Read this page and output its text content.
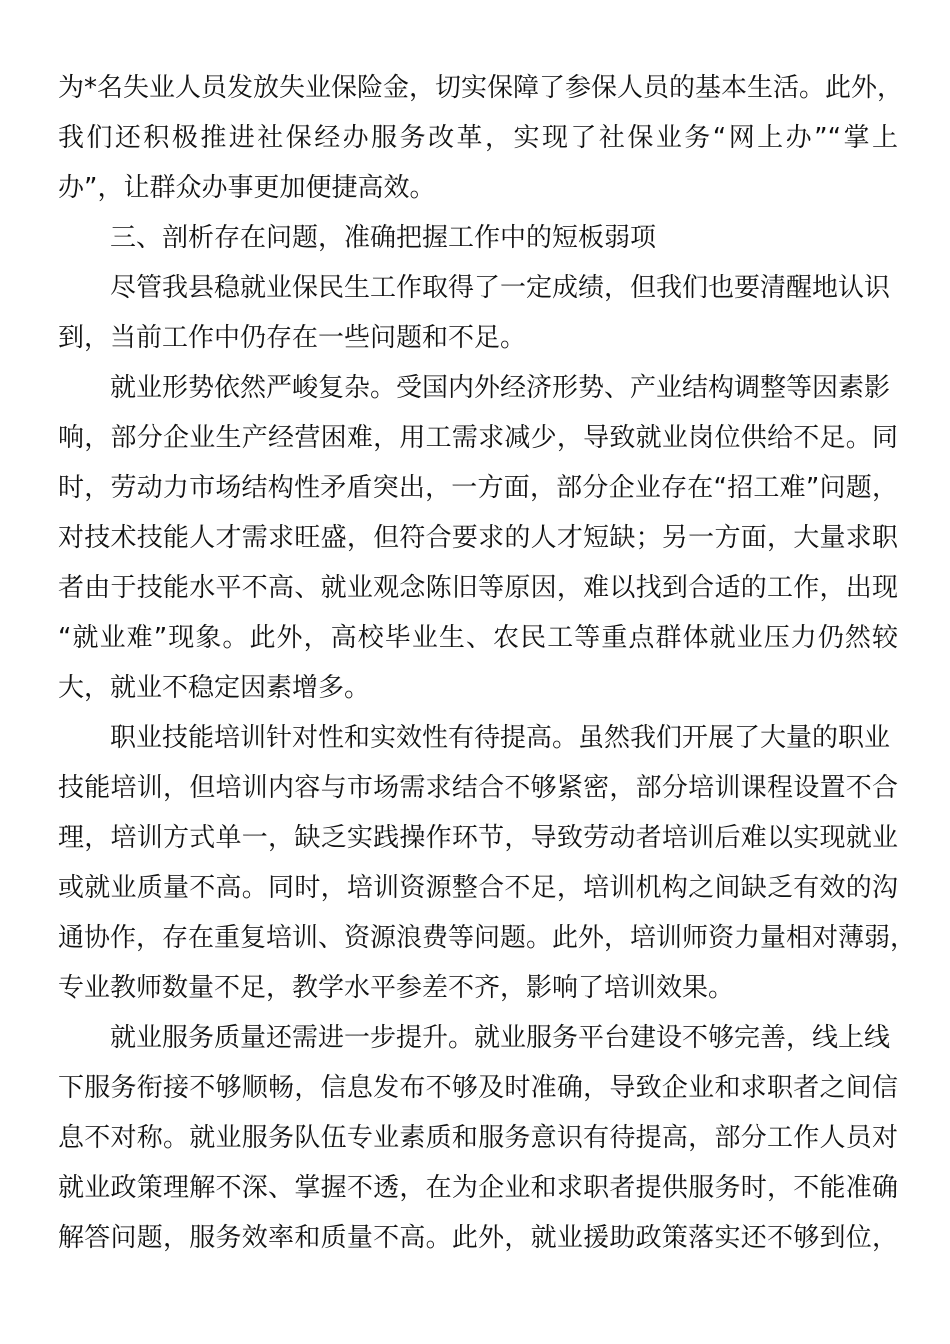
为*名失业人员发放失业保险金，切实保障了参保人员的基本生活。此外，
我们还积极推进社保经办服务改革，实现了社保业务“网上办”“掌上
办”，让群众办事更加便捷高效。
三、剖析存在问题，准确把握工作中的短板弱项
尽管我县稳就业保民生工作取得了一定成绩，但我们也要清醒地认识
到，当前工作中仍存在一些问题和不足。
就业形势依然严峻复杂。受国内外经济形势、产业结构调整等因素影
响，部分企业生产经营困难，用工需求减少，导致就业岗位供给不足。同
时，劳动力市场结构性矛盾突出，一方面，部分企业存在“招工难”问题，
对技术技能人才需求旺盛，但符合要求的人才短缺；另一方面，大量求职
者由于技能水平不高、就业观念陈旧等原因，难以找到合适的工作，出现
“就业难”现象。此外，高校毕业生、农民工等重点群体就业压力仍然较
大，就业不稳定因素增多。
职业技能培训针对性和实效性有待提高。虽然我们开展了大量的职业
技能培训，但培训内容与市场需求结合不够紧密，部分培训课程设置不合
理，培训方式单一，缺乏实践操作环节，导致劳动者培训后难以实现就业
或就业质量不高。同时，培训资源整合不足，培训机构之间缺乏有效的沟
通协作，存在重复培训、资源浪费等问题。此外，培训师资力量相对薄弱，
专业教师数量不足，教学水平参差不齐，影响了培训效果。
就业服务质量还需进一步提升。就业服务平台建设不够完善，线上线
下服务衔接不够顺畅，信息发布不够及时准确，导致企业和求职者之间信
息不对称。就业服务队伍专业素质和服务意识有待提高，部分工作人员对
就业政策理解不深、掌握不透，在为企业和求职者提供服务时，不能准确
解答问题，服务效率和质量不高。此外，就业援助政策落实还不够到位，
